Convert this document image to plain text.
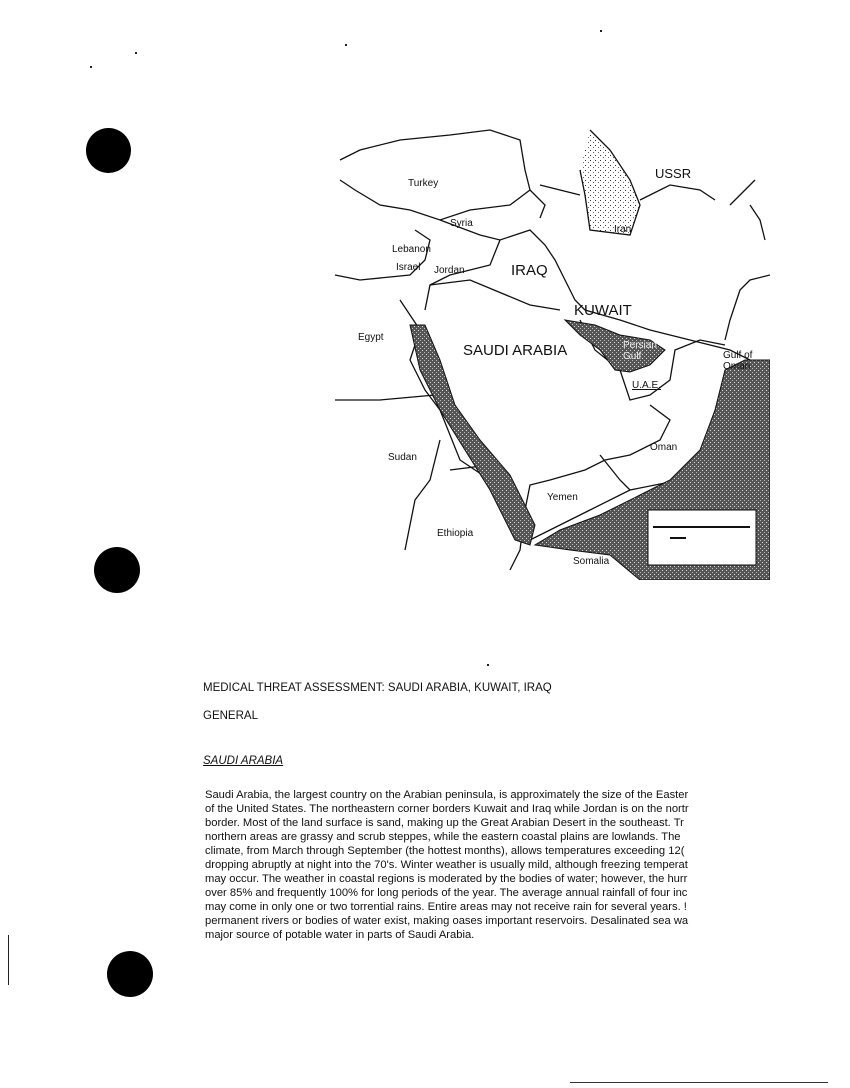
Turkey
USSR
Syria
Iran
Lebanon
Israel Jordan	IRAQ
KUWAIT
Egypt
SAUDI ARABIA	Persian Gulf	Gulf of Oman
U.A.E.
Sudan
Oman
Yemen
Ethiopia
Somalia
MEDICAL THREAT ASSESSMENT: SAUDI ARABIA, KUWAIT, IRAQ
GENERAL
SAUDI ARABIA
Saudi Arabia, the largest country on the Arabian peninsula, is approximately the size of the Easter
of the United States. The northeastern corner borders Kuwait and Iraq while Jordan is on the nortr
border. Most of the land surface is sand, making up the Great Arabian Desert in the southeast. Tr
northern areas are grassy and scrub steppes, while the eastern coastal plains are lowlands. The
climate, from March through September (the hottest months), allows temperatures exceeding 12(
dropping abruptly at night into the 70's. Winter weather is usually mild, although freezing temperat
may occur. The weather in coastal regions is moderated by the bodies of water; however, the hurr
over 85% and frequently 100% for long periods of the year. The average annual rainfall of four inc
may come in only one or two torrential rains. Entire areas may not receive rain for several years. !
permanent rivers or bodies of water exist, making oases important reservoirs. Desalinated sea wa
major source of potable water in parts of Saudi Arabia.
